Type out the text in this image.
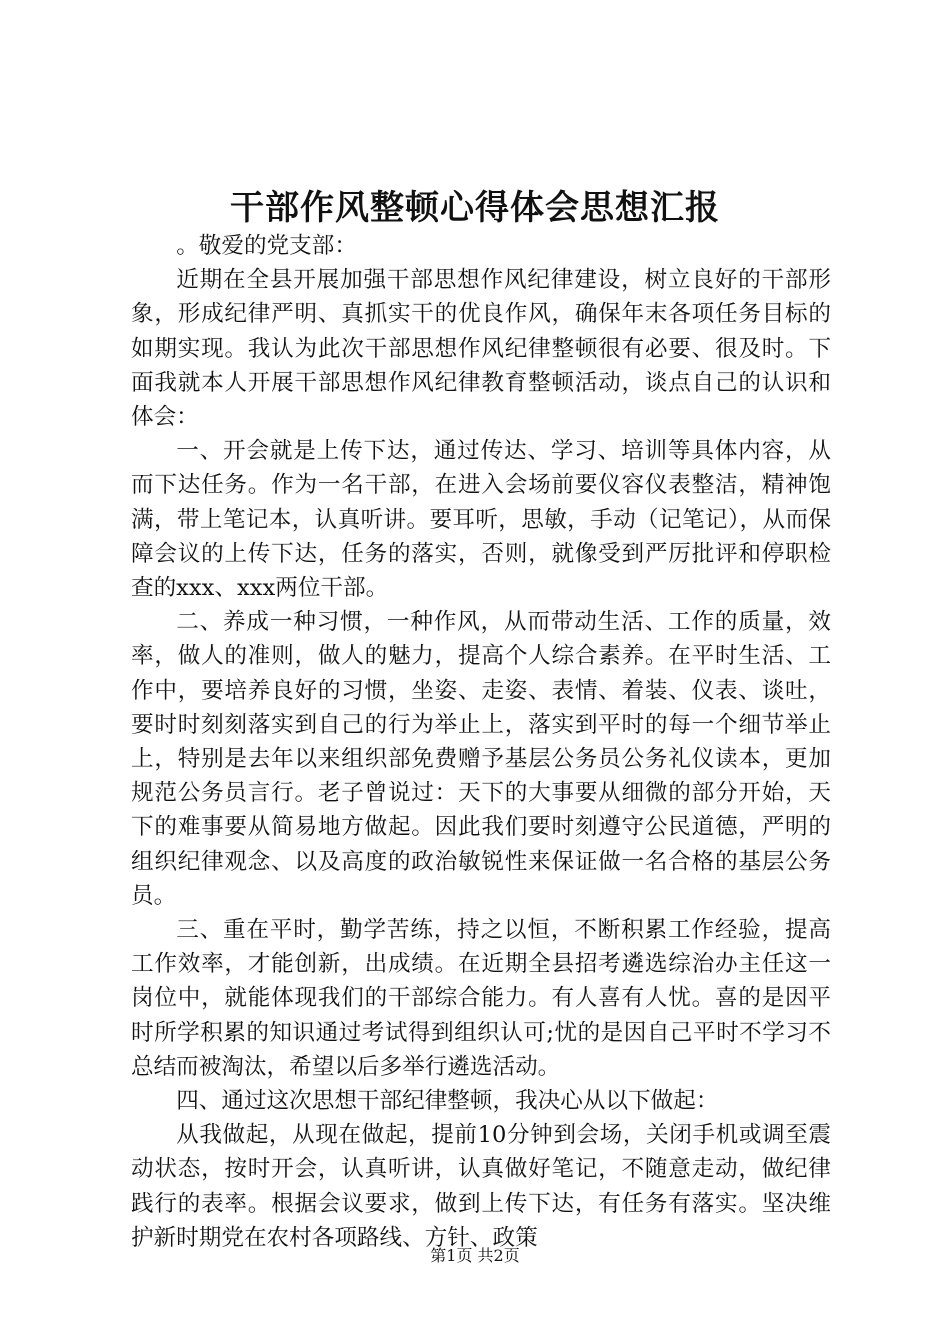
干部作风整顿心得体会思想汇报

。敬爱的党支部：

近期在全县开展加强干部思想作风纪律建设，树立良好的干部形象，形成纪律严明、真抓实干的优良作风，确保年末各项任务目标的如期实现。我认为此次干部思想作风纪律整顿很有必要、很及时。下面我就本人开展干部思想作风纪律教育整顿活动，谈点自己的认识和体会：

一、开会就是上传下达，通过传达、学习、培训等具体内容，从而下达任务。作为一名干部，在进入会场前要仪容仪表整洁，精神饱满，带上笔记本，认真听讲。要耳听，思敏，手动（记笔记），从而保障会议的上传下达，任务的落实，否则，就像受到严厉批评和停职检查的xxx、xxx两位干部。

二、养成一种习惯，一种作风，从而带动生活、工作的质量，效率，做人的准则，做人的魅力，提高个人综合素养。在平时生活、工作中，要培养良好的习惯，坐姿、走姿、表情、着装、仪表、谈吐，要时时刻刻落实到自己的行为举止上，落实到平时的每一个细节举止上，特别是去年以来组织部免费赠予基层公务员公务礼仪读本，更加规范公务员言行。老子曾说过：天下的大事要从细微的部分开始，天下的难事要从简易地方做起。因此我们要时刻遵守公民道德，严明的组织纪律观念、以及高度的政治敏锐性来保证做一名合格的基层公务员。

三、重在平时，勤学苦练，持之以恒，不断积累工作经验，提高工作效率，才能创新，出成绩。在近期全县招考遴选综治办主任这一岗位中，就能体现我们的干部综合能力。有人喜有人忧。喜的是因平时所学积累的知识通过考试得到组织认可;忧的是因自己平时不学习不总结而被淘汰，希望以后多举行遴选活动。

四、通过这次思想干部纪律整顿，我决心从以下做起：

从我做起，从现在做起，提前10分钟到会场，关闭手机或调至震动状态，按时开会，认真听讲，认真做好笔记，不随意走动，做纪律践行的表率。根据会议要求，做到上传下达，有任务有落实。坚决维护新时期党在农村各项路线、方针、政策

第1页 共2页
